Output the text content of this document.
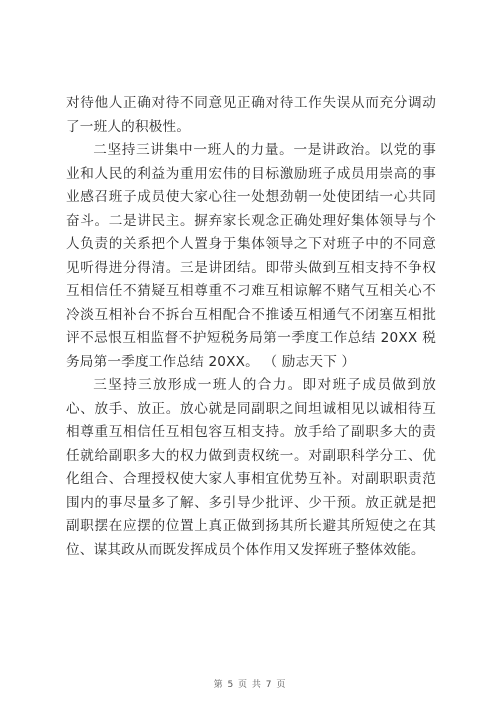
对待他人正确对待不同意见正确对待工作失误从而充分调动了一班人的积极性。

二坚持三讲集中一班人的力量。一是讲政治。以党的事业和人民的利益为重用宏伟的目标激励班子成员用崇高的事业感召班子成员使大家心往一处想劲朝一处使团结一心共同奋斗。二是讲民主。摒弃家长观念正确处理好集体领导与个人负责的关系把个人置身于集体领导之下对班子中的不同意见听得进分得清。三是讲团结。即带头做到互相支持不争权互相信任不猜疑互相尊重不刁难互相谅解不赌气互相关心不冷淡互相补台不拆台互相配合不推诿互相通气不闭塞互相批评不忌恨互相监督不护短税务局第一季度工作总结 20XX 税务局第一季度工作总结 20XX。 （ 励志天下 ）

三坚持三放形成一班人的合力。即对班子成员做到放心、放手、放正。放心就是同副职之间坦诚相见以诚相待互相尊重互相信任互相包容互相支持。放手给了副职多大的责任就给副职多大的权力做到责权统一。对副职科学分工、优化组合、合理授权使大家人事相宜优势互补。对副职职责范围内的事尽量多了解、多引导少批评、少干预。放正就是把副职摆在应摆的位置上真正做到扬其所长避其所短使之在其位、谋其政从而既发挥成员个体作用又发挥班子整体效能。

第 5 页 共 7 页
